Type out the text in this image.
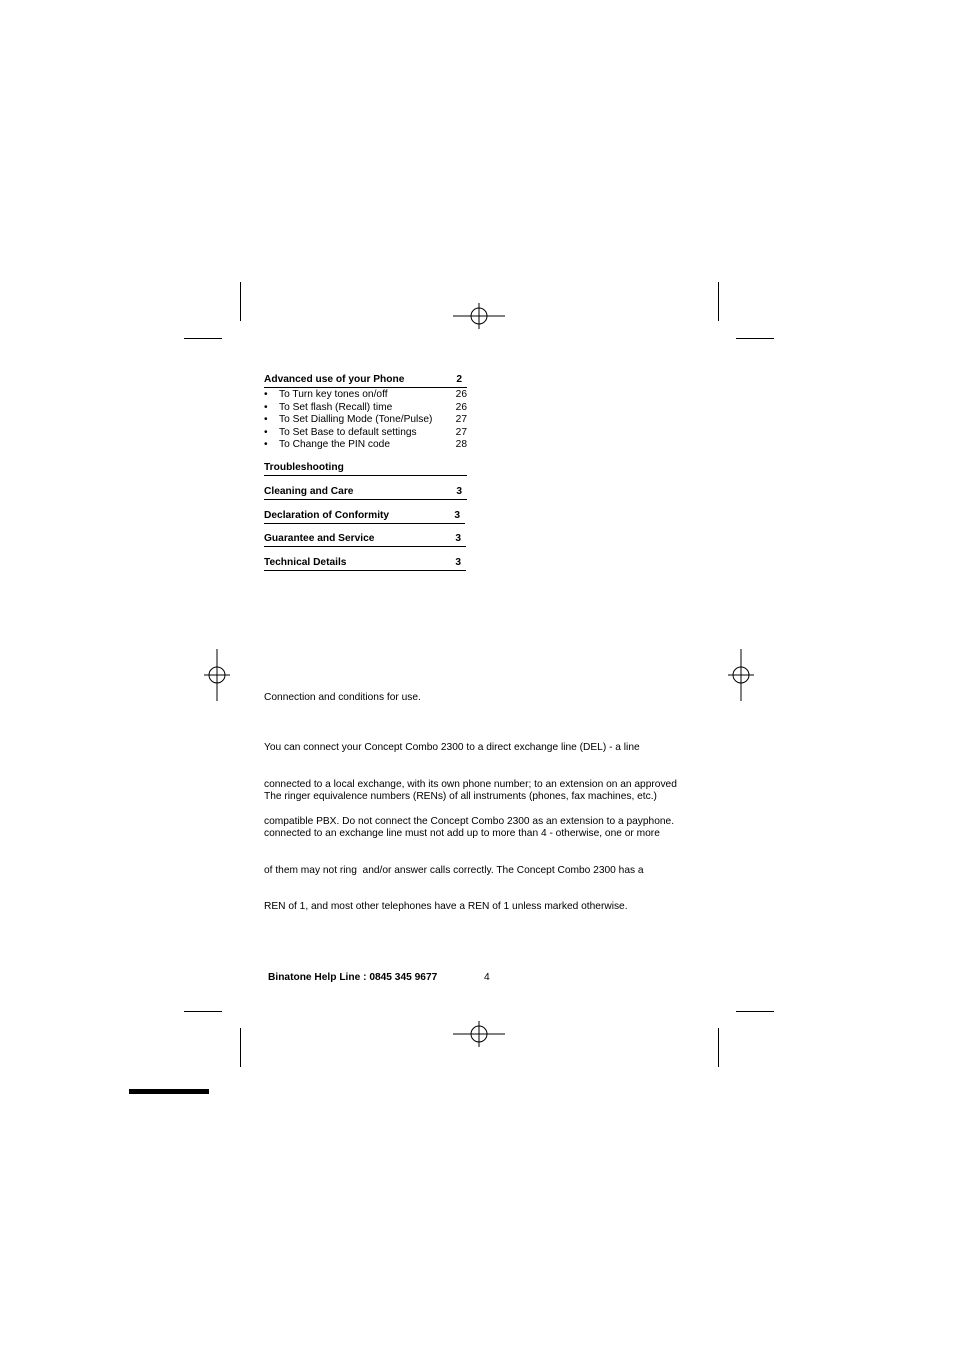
Advanced use of your Phone	2
• To Turn key tones on/off	26
• To Set flash (Recall) time	26
• To Set Dialling Mode (Tone/Pulse) 27
• To Set Base to default settings	27
• To Change the PIN code	28
Troubleshooting
Cleaning and Care	3
Declaration of Conformity	3
Guarantee and Service	3
Technical Details	3
Connection and conditions for use.

You can connect your Concept Combo 2300 to a direct exchange line (DEL) - a line

connected to a local exchange, with its own phone number; to an extension on an approved

compatible PBX. Do not connect the Concept Combo 2300 as an extension to a payphone.

The ringer equivalence numbers (RENs) of all instruments (phones, fax machines, etc.)

connected to an exchange line must not add up to more than 4 - otherwise, one or more

of them may not ring  and/or answer calls correctly. The Concept Combo 2300 has a

REN of 1, and most other telephones have a REN of 1 unless marked otherwise.

Binatone Help Line : 0845 345 9677	4
